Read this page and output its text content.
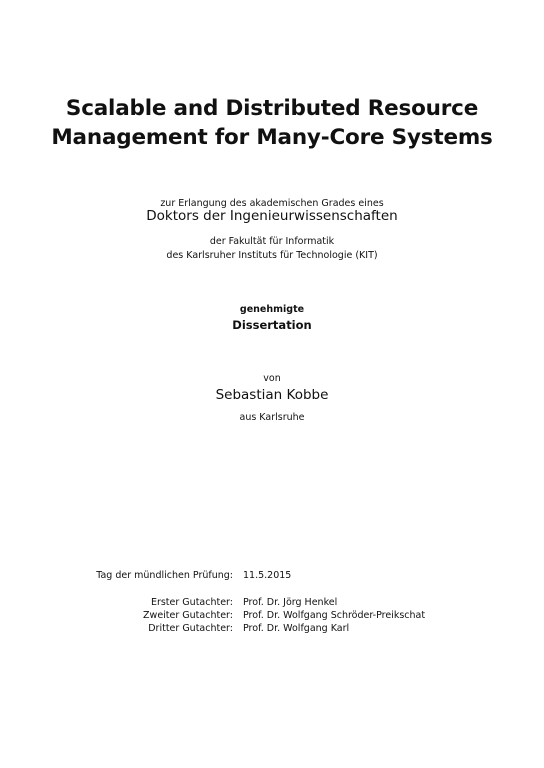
Scalable and Distributed Resource
Management for Many-Core Systems
zur Erlangung des akademischen Grades eines
Doktors der Ingenieurwissenschaften
der Fakultät für Informatik
des Karlsruher Instituts für Technologie (KIT)
genehmigte
Dissertation
von
Sebastian Kobbe
aus Karlsruhe
Tag der mündlichen Prüfung: 11.5.2015
Erster Gutachter: Prof. Dr. Jörg Henkel
Zweiter Gutachter: Prof. Dr. Wolfgang Schröder-Preikschat
Dritter Gutachter: Prof. Dr. Wolfgang Karl
